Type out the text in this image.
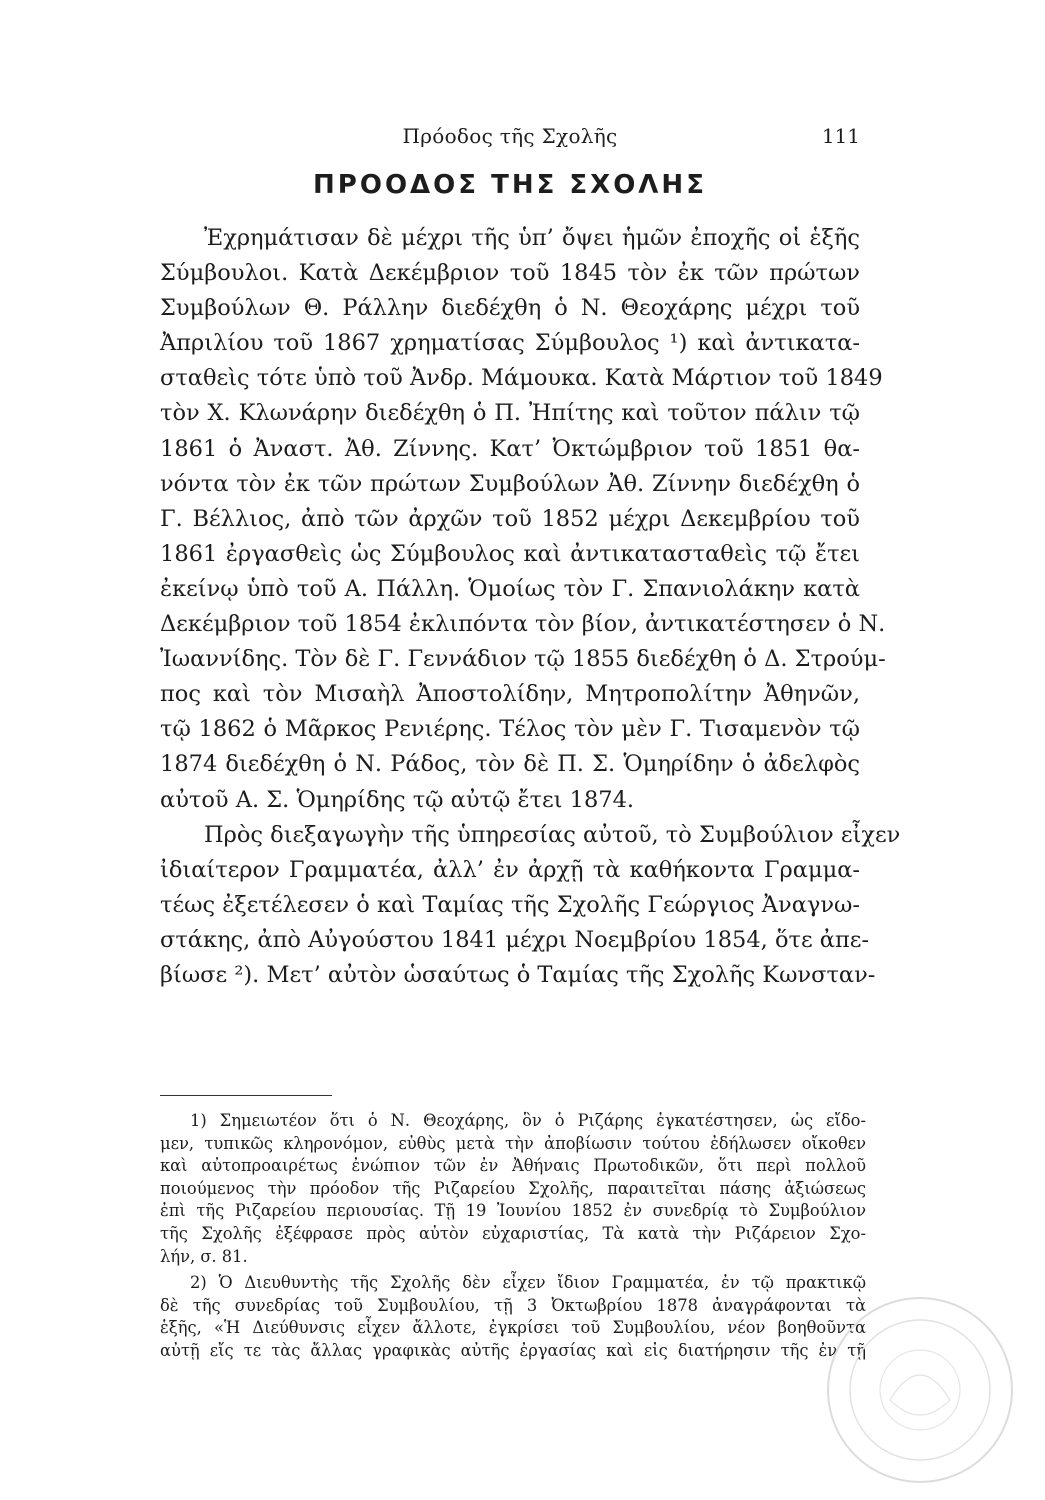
Πρόοδος τῆς Σχολῆς	111
ΠΡΟΟΔΟΣ ΤΗΣ ΣΧΟΛΗΣ

Ἐχρημάτισαν δὲ μέχρι τῆς ὑπ’ ὄψει ἡμῶν ἐποχῆς οἱ ἑξῆς
Σύμβουλοι. Κατὰ Δεκέμβριον τοῦ 1845 τὸν ἐκ τῶν πρώτων
Συμβούλων Θ. Ράλλην διεδέχθη ὁ Ν. Θεοχάρης μέχρι τοῦ
Ἀπριλίου τοῦ 1867 χρηματίσας Σύμβουλος ¹) καὶ ἀντικατα-
σταθεὶς τότε ὑπὸ τοῦ Ἀνδρ. Μάμουκα. Κατὰ Μάρτιον τοῦ 1849
τὸν Χ. Κλωνάρην διεδέχθη ὁ Π. Ἠπίτης καὶ τοῦτον πάλιν τῷ
1861 ὁ Ἀναστ. Ἀθ. Ζίννης. Κατ’ Ὀκτώμβριον τοῦ 1851 θα-
νόντα τὸν ἐκ τῶν πρώτων Συμβούλων Ἀθ. Ζίννην διεδέχθη ὁ
Γ. Βέλλιος, ἀπὸ τῶν ἀρχῶν τοῦ 1852 μέχρι Δεκεμβρίου τοῦ
1861 ἐργασθεὶς ὡς Σύμβουλος καὶ ἀντικατασταθεὶς τῷ ἔτει
ἐκείνῳ ὑπὸ τοῦ Α. Πάλλη. Ὁμοίως τὸν Γ. Σπανιολάκην κατὰ
Δεκέμβριον τοῦ 1854 ἐκλιπόντα τὸν βίον, ἀντικατέστησεν ὁ Ν.
Ἰωαννίδης. Τὸν δὲ Γ. Γεννάδιον τῷ 1855 διεδέχθη ὁ Δ. Στρούμ-
πος καὶ τὸν Μισαὴλ Ἀποστολίδην, Μητροπολίτην Ἀθηνῶν,
τῷ 1862 ὁ Μᾶρκος Ρενιέρης. Τέλος τὸν μὲν Γ. Τισαμενὸν τῷ
1874 διεδέχθη ὁ Ν. Ράδος, τὸν δὲ Π. Σ. Ὁμηρίδην ὁ ἀδελφὸς
αὐτοῦ Α. Σ. Ὁμηρίδης τῷ αὐτῷ ἔτει 1874.

Πρὸς διεξαγωγὴν τῆς ὑπηρεσίας αὐτοῦ, τὸ Συμβούλιον εἶχεν
ἰδιαίτερον Γραμματέα, ἀλλ’ ἐν ἀρχῇ τὰ καθήκοντα Γραμμα-
τέως ἐξετέλεσεν ὁ καὶ Ταμίας τῆς Σχολῆς Γεώργιος Ἀναγνω-
στάκης, ἀπὸ Αὐγούστου 1841 μέχρι Νοεμβρίου 1854, ὅτε ἀπε-
βίωσε ²). Μετ’ αὐτὸν ὡσαύτως ὁ Ταμίας τῆς Σχολῆς Κωνσταν-

1) Σημειωτέον ὅτι ὁ Ν. Θεοχάρης, ὃν ὁ Ριζάρης ἐγκατέστησεν, ὡς εἴδο-
μεν, τυπικῶς κληρονόμον, εὐθὺς μετὰ τὴν ἀποβίωσιν τούτου ἐδήλωσεν οἴκοθεν
καὶ αὐτοπροαιρέτως ἐνώπιον τῶν ἐν Ἀθήναις Πρωτοδικῶν, ὅτι περὶ πολλοῦ
ποιούμενος τὴν πρόοδον τῆς Ριζαρείου Σχολῆς, παραιτεῖται πάσης ἀξιώσεως
ἐπὶ τῆς Ριζαρείου περιουσίας. Τῇ 19 Ἰουνίου 1852 ἐν συνεδρίᾳ τὸ Συμβούλιον
τῆς Σχολῆς ἐξέφρασε πρὸς αὐτὸν εὐχαριστίας, Τὰ κατὰ τὴν Ριζάρειον Σχο-
λήν, σ. 81.

2) Ὁ Διευθυντὴς τῆς Σχολῆς δὲν εἶχεν ἴδιον Γραμματέα, ἐν τῷ πρακτικῷ
δὲ τῆς συνεδρίας τοῦ Συμβουλίου, τῇ 3 Ὀκτωβρίου 1878 ἀναγράφονται τὰ
ἑξῆς, «Ἡ Διεύθυνσις εἶχεν ἄλλοτε, ἐγκρίσει τοῦ Συμβουλίου, νέον βοηθοῦντα
αὐτῇ εἴς τε τὰς ἄλλας γραφικὰς αὐτῆς ἐργασίας καὶ εἰς διατήρησιν τῆς ἐν τῇ
